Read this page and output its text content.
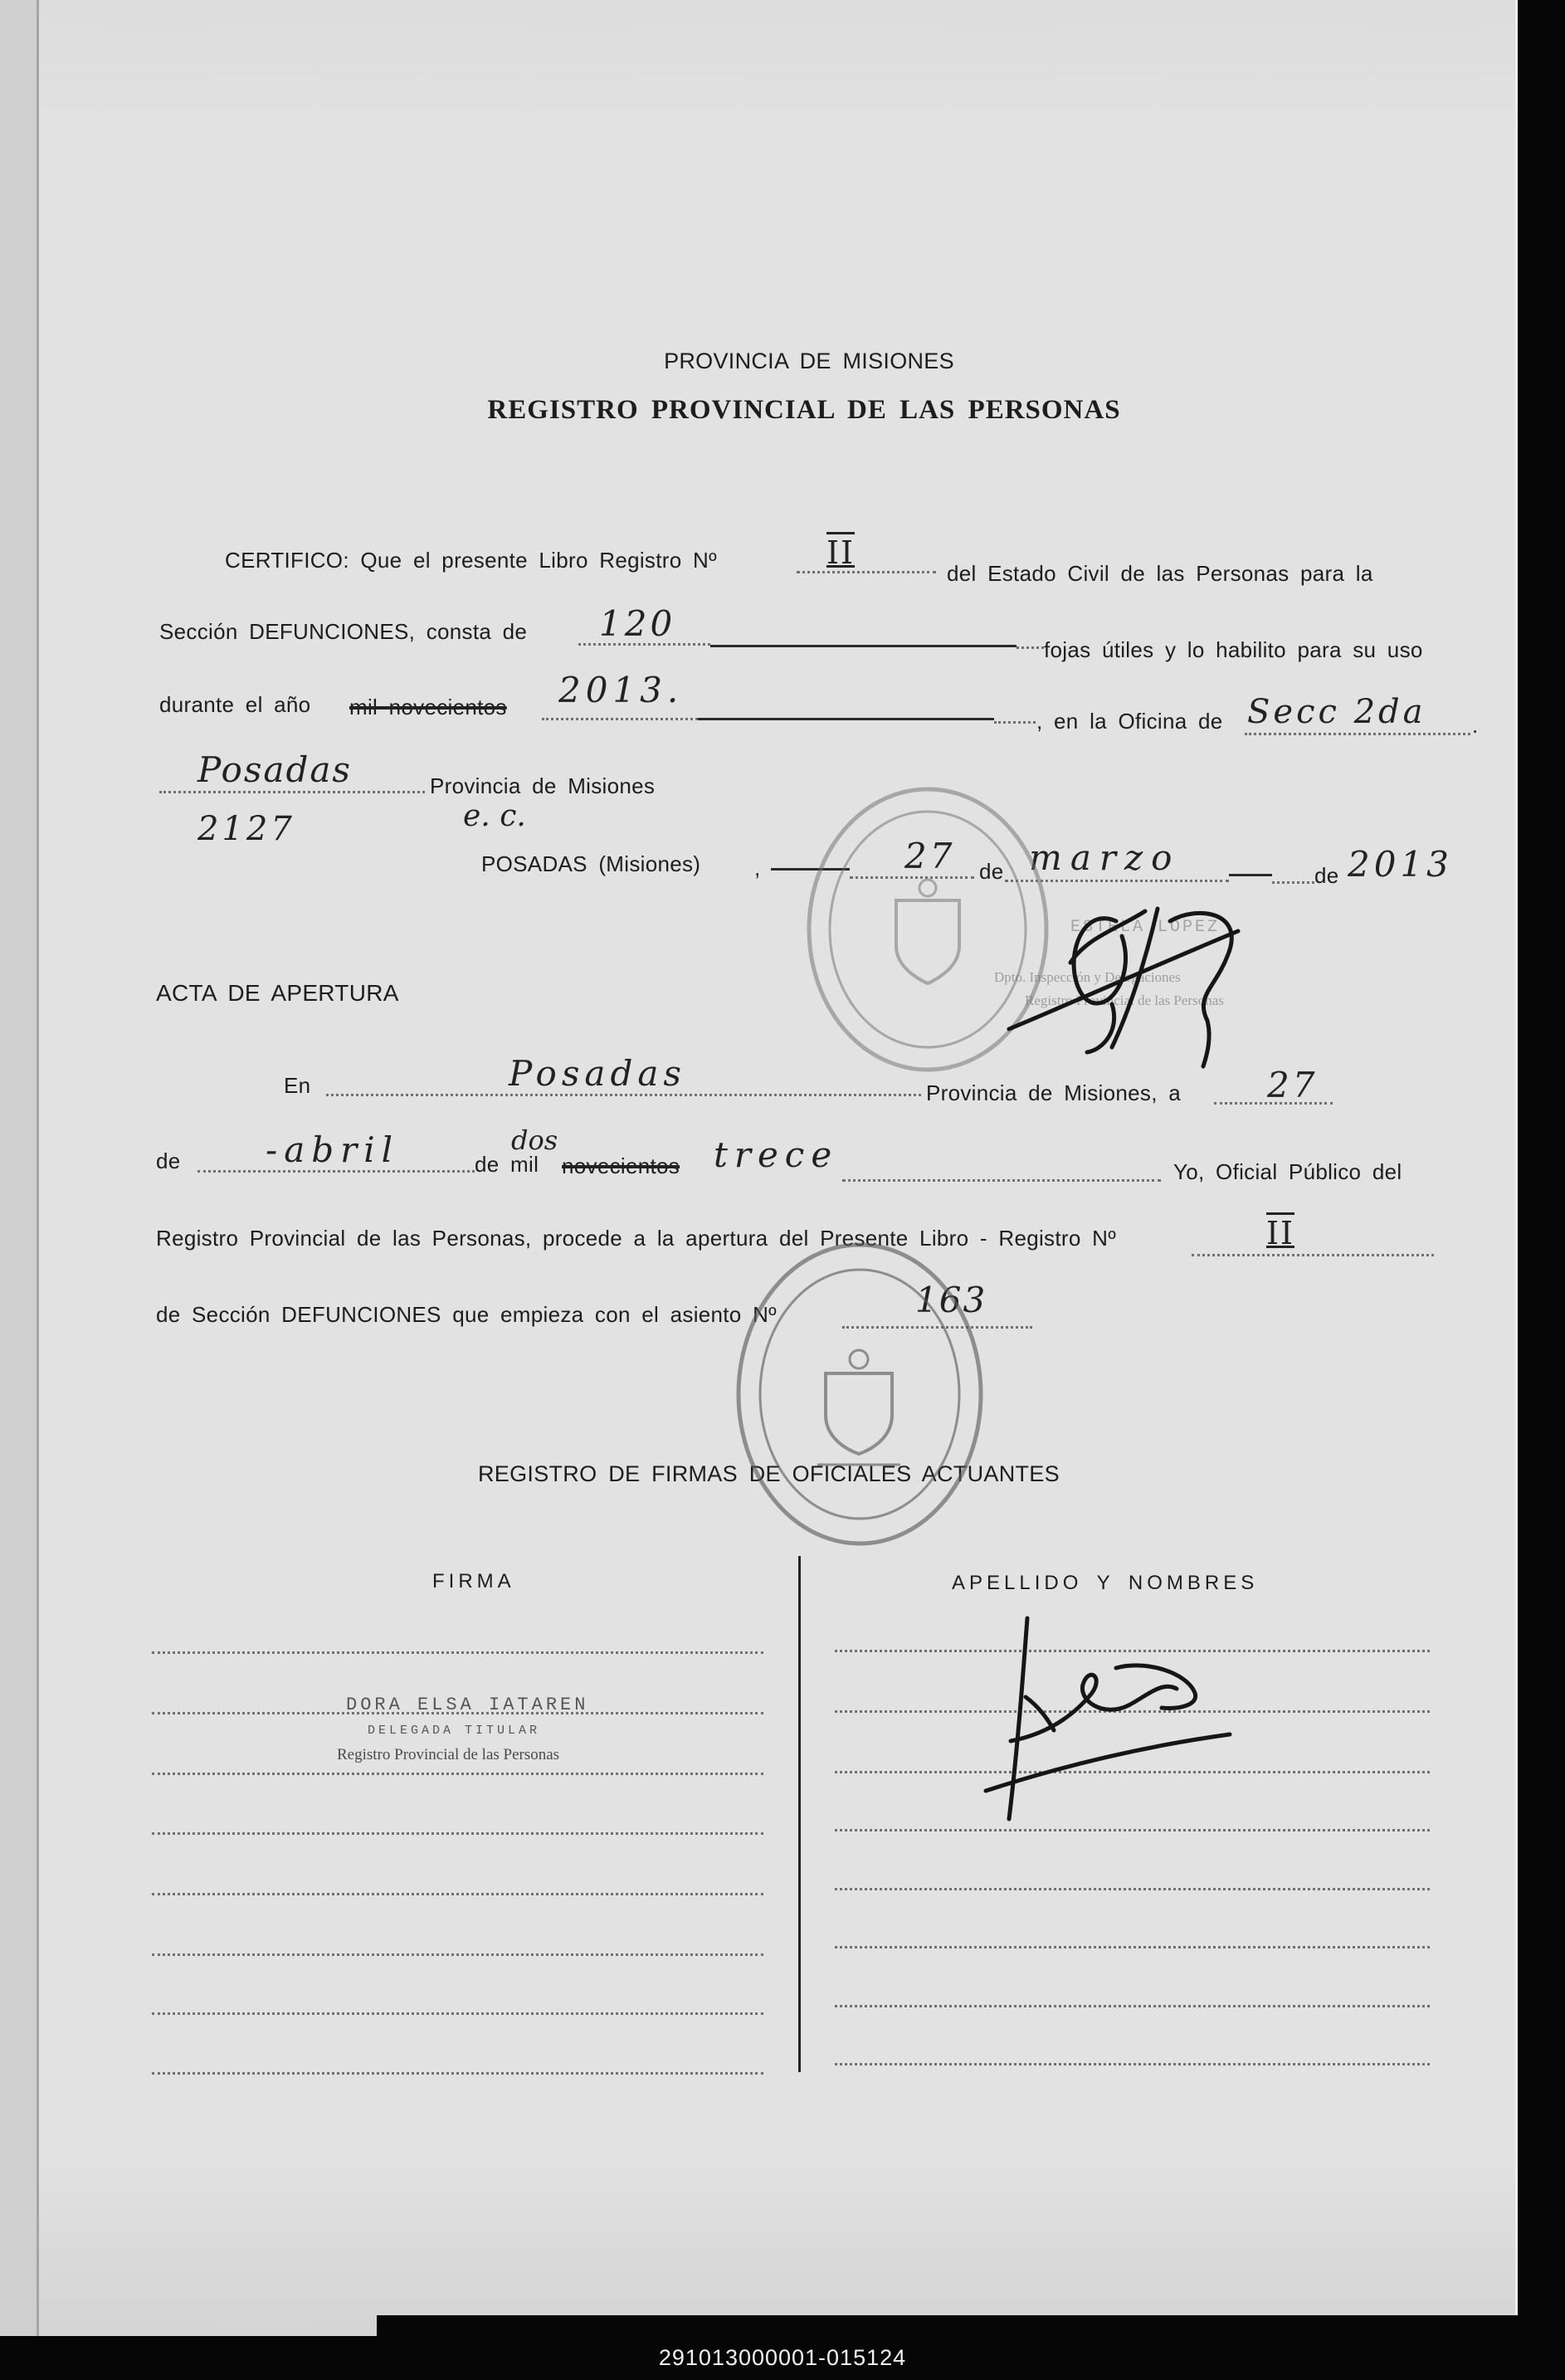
PROVINCIA DE MISIONES
REGISTRO PROVINCIAL DE LAS PERSONAS
CERTIFICO: Que el presente Libro Registro Nº	II
del Estado Civil de las Personas para la
Sección DEFUNCIONES, consta de 120
fojas útiles y lo habilito para su uso
durante el año mil novecientos 2013.
, en la Oficina de Secc 2da .
Posadas	Provincia de Misiones
2127	e. c.
POSADAS (Misiones) ,	27 de marzo	de 2013
ESTELA LOPEZ
Dpto. Inspección y Delegaciones
Registro Provincial de las Personas
ACTA DE APERTURA
En	Posadas	Provincia de Misiones, a 27
de -abril	de mil
dos
novecientos trece	Yo, Oficial Público del
Registro Provincial de las Personas, procede a la apertura del Presente Libro - Registro Nº	II
de Sección DEFUNCIONES que empieza con el asiento Nº	163
REGISTRO DE FIRMAS DE OFICIALES ACTUANTES
FIRMA	APELLIDO Y NOMBRES
DORA ELSA IATAREN
DELEGADA TITULAR
Registro Provincial de las Personas
291013000001-015124
